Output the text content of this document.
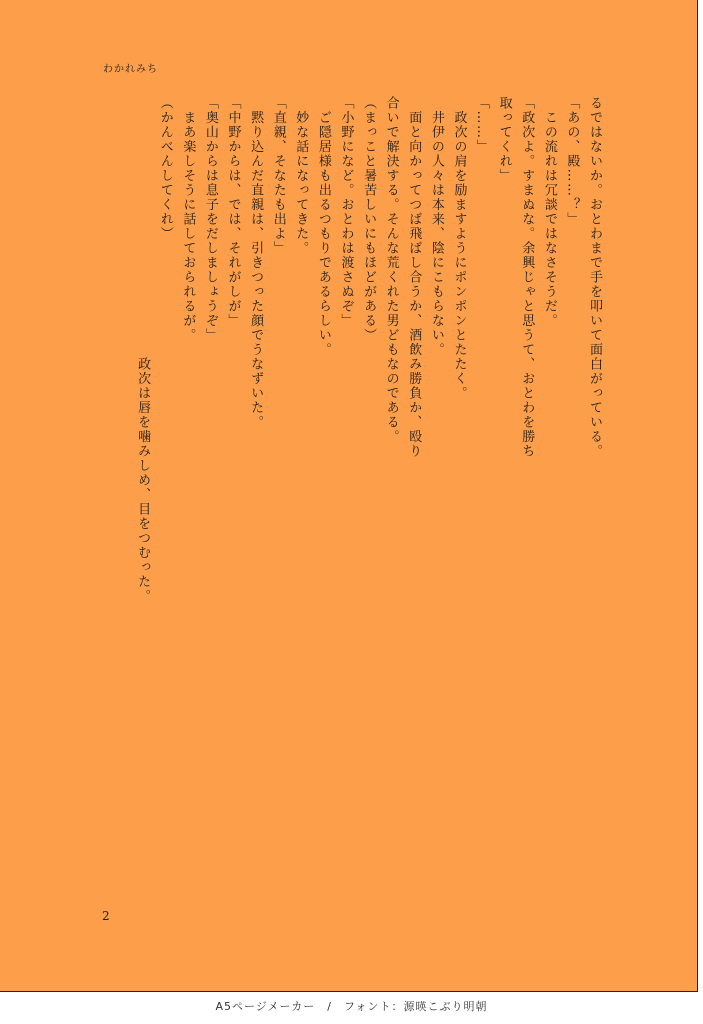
わかれみち
るではないか。おとわまで手を叩いて面白がっている。
「あの、殿……？」
　この流れは冗談ではなさそうだ。
「政次よ。すまぬな。余興じゃと思うて、おとわを勝ち
取ってくれ」
「……」
　政次の肩を励ますようにポンポンとたたく。
　井伊の人々は本来、陰にこもらない。
　面と向かってつば飛ばし合うか、酒飲み勝負か、殴り
合いで解決する。そんな荒くれた男どもなのである。
（まっこと暑苦しいにもほどがある）
「小野になど。おとわは渡さぬぞ」
　ご隠居様も出るつもりであるらしい。
　妙な話になってきた。
「直親、そなたも出よ」
　黙り込んだ直親は、引きつった顔でうなずいた。
「中野からは、では、それがしが」
「奥山からは息子をだしましょうぞ」
　まあ楽しそうに話しておられるが。
（かんべんしてくれ）
　　　　　　　　　　　　　　　　　　政次は唇を噛みしめ、目をつむった。
2
A5ページメーカー　/　フォント：源暎こぶり明朝
